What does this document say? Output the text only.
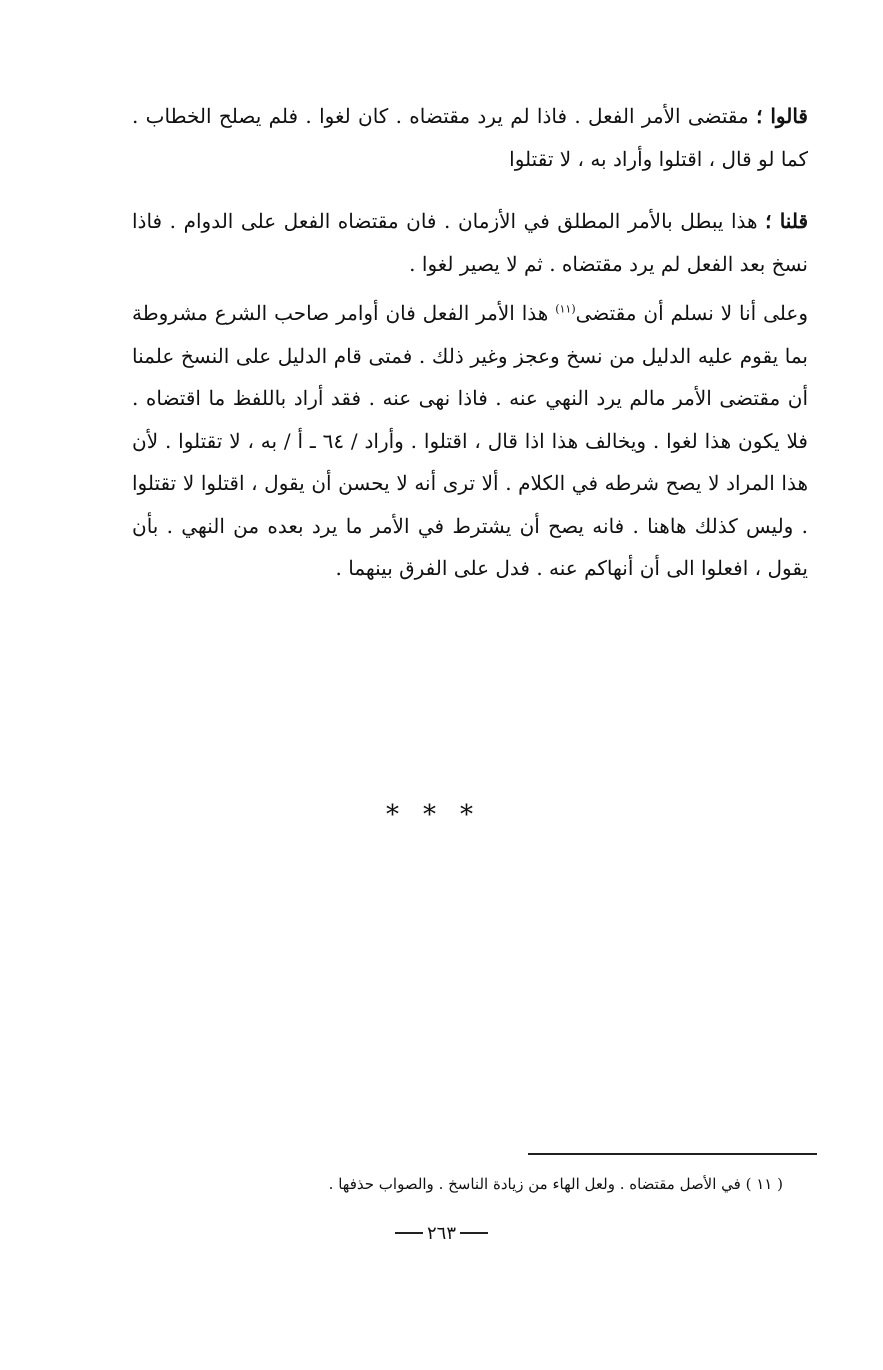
قالوا ؛ مقتضى الأمر الفعل . فاذا لم يرد مقتضاه . كان لغوا . فلم يصلح الخطاب . كما لو قال ، اقتلوا وأراد به ، لا تقتلوا

قلنا ؛ هذا يبطل بالأمر المطلق في الأزمان . فان مقتضاه الفعل على الدوام . فاذا نسخ بعد الفعل لم يرد مقتضاه . ثم لا يصير لغوا .

وعلى أنا لا نسلم أن مقتضى$^{(١١)}$ هذا الأمر الفعل فان أوامر صاحب الشرع مشروطة بما يقوم عليه الدليل من نسخ وعجز وغير ذلك . فمتى قام الدليل على النسخ علمنا أن مقتضى الأمر مالم يرد النهي عنه . فاذا نهى عنه . فقد أراد باللفظ ما اقتضاه . فلا يكون هذا لغوا . ويخالف هذا اذا قال ، اقتلوا . وأراد / ٦٤ ـ أ / به ، لا تقتلوا . لأن هذا المراد لا يصح شرطه في الكلام . ألا ترى أنه لا يحسن أن يقول ، اقتلوا لا تقتلوا . وليس كذلك هاهنا . فانه يصح أن يشترط في الأمر ما يرد بعده من النهي . بأن يقول ، افعلوا الى أن أنهاكم عنه . فدل على الفرق بينهما .

***
( ١١ ) في الأصل مقتضاه . ولعل الهاء من زيادة الناسخ . والصواب حذفها .
٢٦٣
